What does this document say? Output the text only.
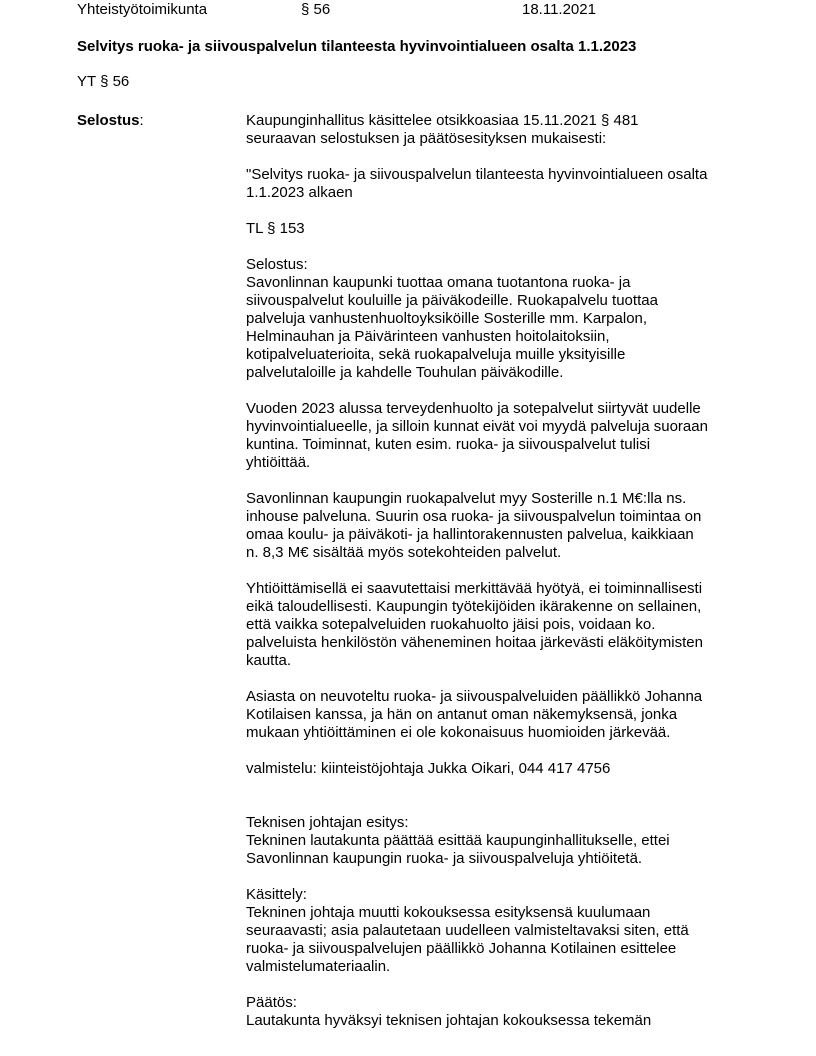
Yhteistyötoimikunta	§ 56	18.11.2021
Selvitys ruoka- ja siivouspalvelun tilanteesta hyvinvointialueen osalta 1.1.2023
YT § 56
Selostus:	Kaupunginhallitus käsittelee otsikkoasiaa 15.11.2021 § 481
seuraavan selostuksen ja päätösesityksen mukaisesti:

"Selvitys ruoka- ja siivouspalvelun tilanteesta hyvinvointialueen osalta
1.1.2023 alkaen

TL § 153

Selostus:
Savonlinnan kaupunki tuottaa omana tuotantona ruoka- ja
siivouspalvelut kouluille ja päiväkodeille. Ruokapalvelu tuottaa
palveluja vanhustenhuoltoyksiköille Sosterille mm. Karpalon,
Helminauhan ja Päivärinteen vanhusten hoitolaitoksiin,
kotipalveluaterioita, sekä ruokapalveluja muille yksityisille
palvelutaloille ja kahdelle Touhulan päiväkodille.

Vuoden 2023 alussa terveydenhuolto ja sotepalvelut siirtyvät uudelle
hyvinvointialueelle, ja silloin kunnat eivät voi myydä palveluja suoraan
kuntina. Toiminnat, kuten esim. ruoka- ja siivouspalvelut tulisi
yhtiöittää.

Savonlinnan kaupungin ruokapalvelut myy Sosterille n.1 M€:lla ns.
inhouse palveluna. Suurin osa ruoka- ja siivouspalvelun toimintaa on
omaa koulu- ja päiväkoti- ja hallintorakennusten palvelua, kaikkiaan
n. 8,3 M€ sisältää myös sotekohteiden palvelut.

Yhtiöittämisellä ei saavutettaisi merkittävää hyötyä, ei toiminnallisesti
eikä taloudellisesti. Kaupungin työtekijöiden ikärakenne on sellainen,
että vaikka sotepalveluiden ruokahuolto jäisi pois, voidaan ko.
palveluista henkilöstön väheneminen hoitaa järkevästi eläköitymisten
kautta.

Asiasta on neuvoteltu ruoka- ja siivouspalveluiden päällikkö Johanna
Kotilaisen kanssa, ja hän on antanut oman näkemyksensä, jonka
mukaan yhtiöittäminen ei ole kokonaisuus huomioiden järkevää.

valmistelu: kiinteistöjohtaja Jukka Oikari, 044 417 4756

Teknisen johtajan esitys:
Tekninen lautakunta päättää esittää kaupunginhallitukselle, ettei
Savonlinnan kaupungin ruoka- ja siivouspalveluja yhtiöitetä.

Käsittely:
Tekninen johtaja muutti kokouksessa esityksensä kuulumaan
seuraavasti; asia palautetaan uudelleen valmisteltavaksi siten, että
ruoka- ja siivouspalvelujen päällikkö Johanna Kotilainen esittelee
valmistelumateriaalin.

Päätös:
Lautakunta hyväksyi teknisen johtajan kokouksessa tekemän
